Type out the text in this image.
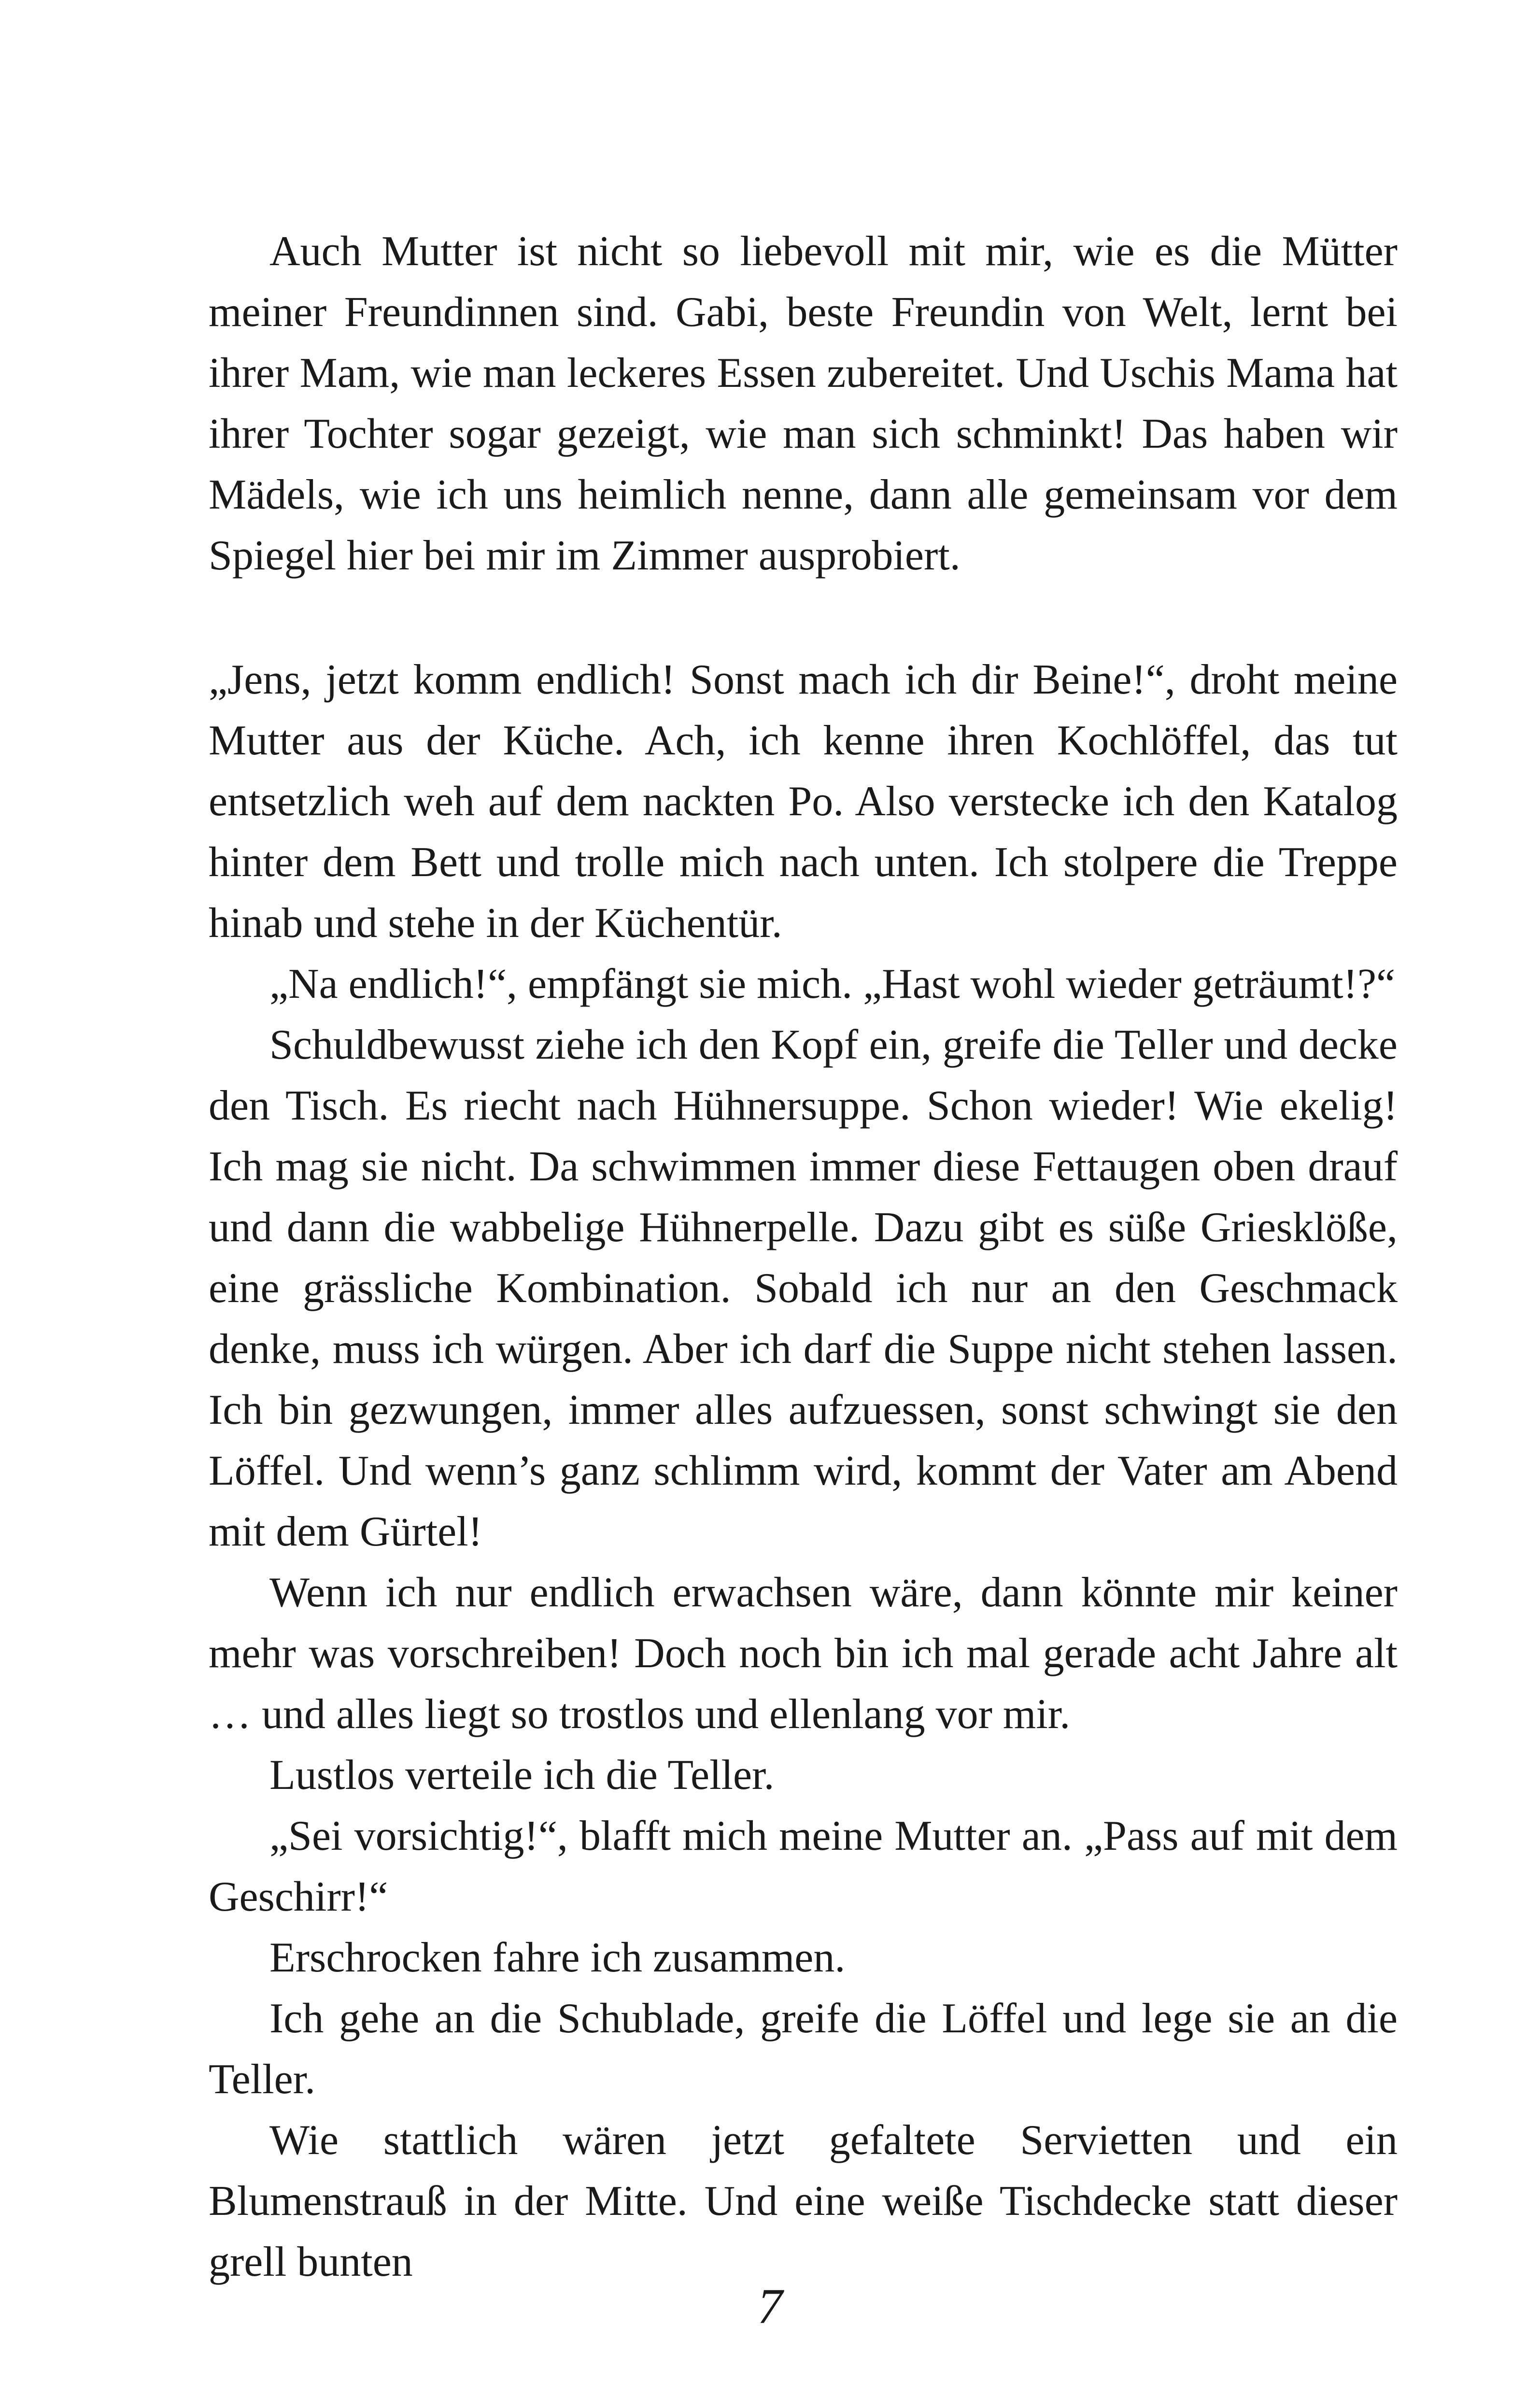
Auch Mutter ist nicht so liebevoll mit mir, wie es die Mütter meiner Freundinnen sind. Gabi, beste Freundin von Welt, lernt bei ihrer Mam, wie man leckeres Essen zubereitet. Und Uschis Mama hat ihrer Tochter sogar gezeigt, wie man sich schminkt! Das haben wir Mädels, wie ich uns heimlich nenne, dann alle gemeinsam vor dem Spiegel hier bei mir im Zimmer ausprobiert.

„Jens, jetzt komm endlich! Sonst mach ich dir Beine!“, droht meine Mutter aus der Küche. Ach, ich kenne ihren Kochlöffel, das tut entsetzlich weh auf dem nackten Po. Also verstecke ich den Katalog hinter dem Bett und trolle mich nach unten. Ich stolpere die Treppe hinab und stehe in der Küchentür.

„Na endlich!“, empfängt sie mich. „Hast wohl wieder geträumt!?“

Schuldbewusst ziehe ich den Kopf ein, greife die Teller und decke den Tisch. Es riecht nach Hühnersuppe. Schon wieder! Wie ekelig! Ich mag sie nicht. Da schwimmen immer diese Fettaugen oben drauf und dann die wabbelige Hühnerpelle. Dazu gibt es süße Griesklöße, eine grässliche Kombination. Sobald ich nur an den Geschmack denke, muss ich würgen. Aber ich darf die Suppe nicht stehen lassen. Ich bin gezwungen, immer alles aufzuessen, sonst schwingt sie den Löffel. Und wenn’s ganz schlimm wird, kommt der Vater am Abend mit dem Gürtel!

Wenn ich nur endlich erwachsen wäre, dann könnte mir keiner mehr was vorschreiben! Doch noch bin ich mal gerade acht Jahre alt … und alles liegt so trostlos und ellenlang vor mir.

Lustlos verteile ich die Teller.

„Sei vorsichtig!“, blafft mich meine Mutter an. „Pass auf mit dem Geschirr!“

Erschrocken fahre ich zusammen.

Ich gehe an die Schublade, greife die Löffel und lege sie an die Teller.

Wie stattlich wären jetzt gefaltete Servietten und ein Blumenstrauß in der Mitte. Und eine weiße Tischdecke statt dieser grell bunten

7
